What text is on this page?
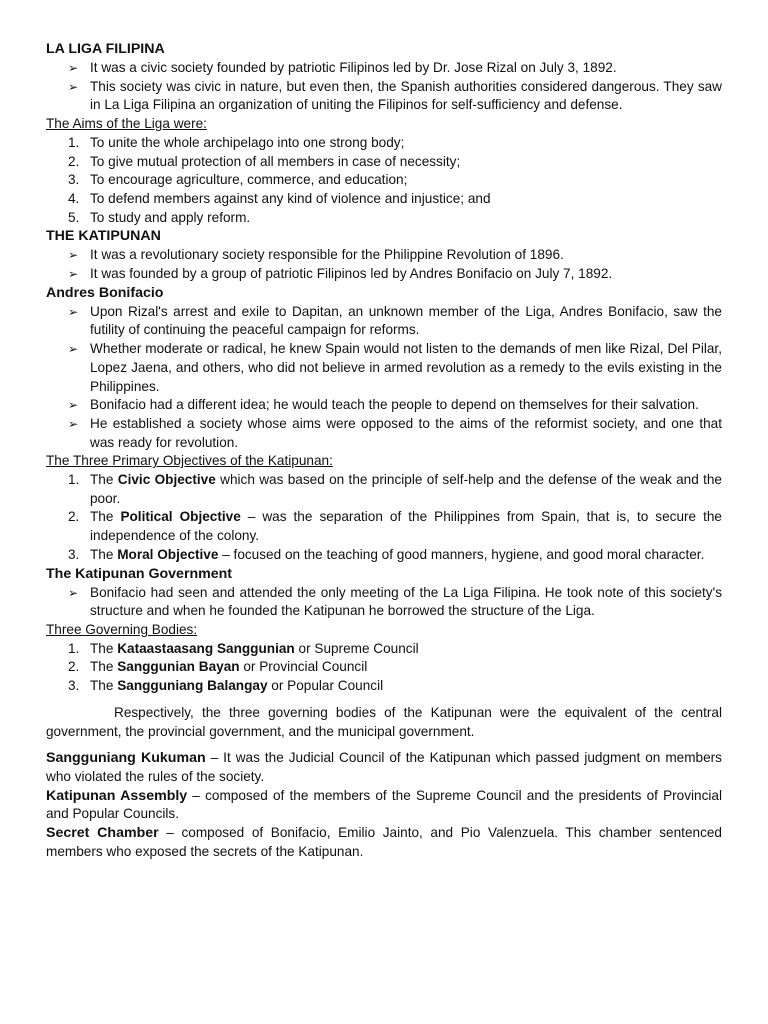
LA LIGA FILIPINA

➢ It was a civic society founded by patriotic Filipinos led by Dr. Jose Rizal on July 3, 1892.
➢ This society was civic in nature, but even then, the Spanish authorities considered dangerous. They saw in La Liga Filipina an organization of uniting the Filipinos for self-sufficiency and defense.

The Aims of the Liga were:

1. To unite the whole archipelago into one strong body;
2. To give mutual protection of all members in case of necessity;
3. To encourage agriculture, commerce, and education;
4. To defend members against any kind of violence and injustice; and
5. To study and apply reform.

THE KATIPUNAN

➢ It was a revolutionary society responsible for the Philippine Revolution of 1896.
➢ It was founded by a group of patriotic Filipinos led by Andres Bonifacio on July 7, 1892.

Andres Bonifacio

➢ Upon Rizal's arrest and exile to Dapitan, an unknown member of the Liga, Andres Bonifacio, saw the futility of continuing the peaceful campaign for reforms.
➢ Whether moderate or radical, he knew Spain would not listen to the demands of men like Rizal, Del Pilar, Lopez Jaena, and others, who did not believe in armed revolution as a remedy to the evils existing in the Philippines.
➢ Bonifacio had a different idea; he would teach the people to depend on themselves for their salvation.
➢ He established a society whose aims were opposed to the aims of the reformist society, and one that was ready for revolution.

The Three Primary Objectives of the Katipunan:

1. The Civic Objective which was based on the principle of self-help and the defense of the weak and the poor.
2. The Political Objective – was the separation of the Philippines from Spain, that is, to secure the independence of the colony.
3. The Moral Objective – focused on the teaching of good manners, hygiene, and good moral character.

The Katipunan Government

➢ Bonifacio had seen and attended the only meeting of the La Liga Filipina. He took note of this society's structure and when he founded the Katipunan he borrowed the structure of the Liga.

Three Governing Bodies:

1. The Kataastaasang Sanggunian or Supreme Council
2. The Sanggunian Bayan or Provincial Council
3. The Sangguniang Balangay or Popular Council

Respectively, the three governing bodies of the Katipunan were the equivalent of the central government, the provincial government, and the municipal government.

Sangguniang Kukuman – It was the Judicial Council of the Katipunan which passed judgment on members who violated the rules of the society.

Katipunan Assembly – composed of the members of the Supreme Council and the presidents of Provincial and Popular Councils.

Secret Chamber – composed of Bonifacio, Emilio Jainto, and Pio Valenzuela. This chamber sentenced members who exposed the secrets of the Katipunan.
